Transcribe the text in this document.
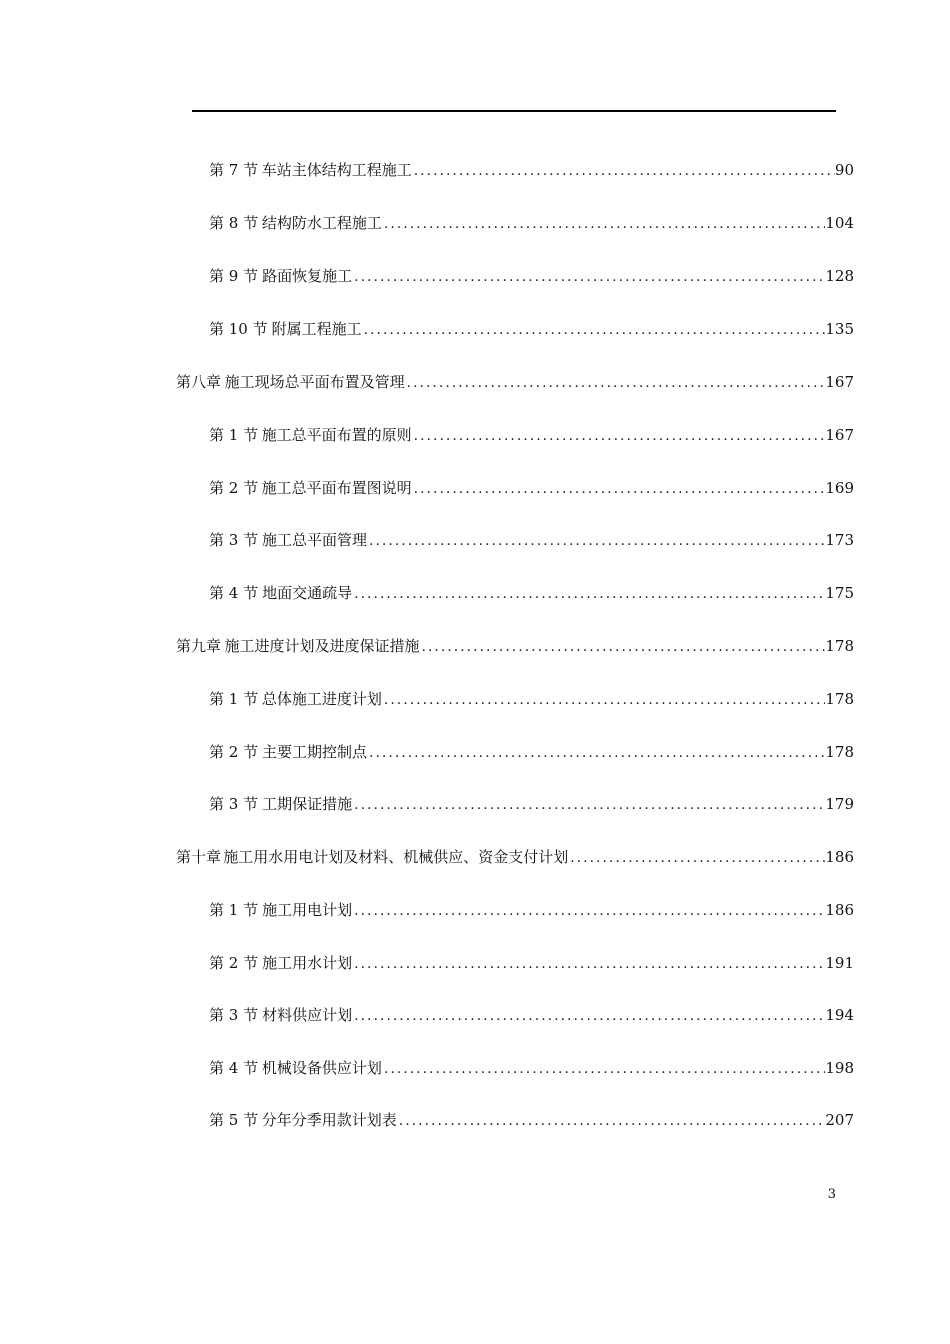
第 7 节 车站主体结构工程施工 .....	90
第 8 节 结构防水工程施工 .....	104
第 9 节 路面恢复施工 .....	128
第 10 节 附属工程施工 .....	135
第八章 施工现场总平面布置及管理 .....	167
第 1 节 施工总平面布置的原则 .....	167
第 2 节 施工总平面布置图说明 .....	169
第 3 节 施工总平面管理 .....	173
第 4 节 地面交通疏导 .....	175
第九章 施工进度计划及进度保证措施 .....	178
第 1 节 总体施工进度计划 .....	178
第 2 节 主要工期控制点 .....	178
第 3 节 工期保证措施 .....	179
第十章 施工用水用电计划及材料、机械供应、资金支付计划 .....	186
第 1 节 施工用电计划 .....	186
第 2 节 施工用水计划 .....	191
第 3 节 材料供应计划 .....	194
第 4 节 机械设备供应计划 .....	198
第 5 节 分年分季用款计划表 .....	207
3
